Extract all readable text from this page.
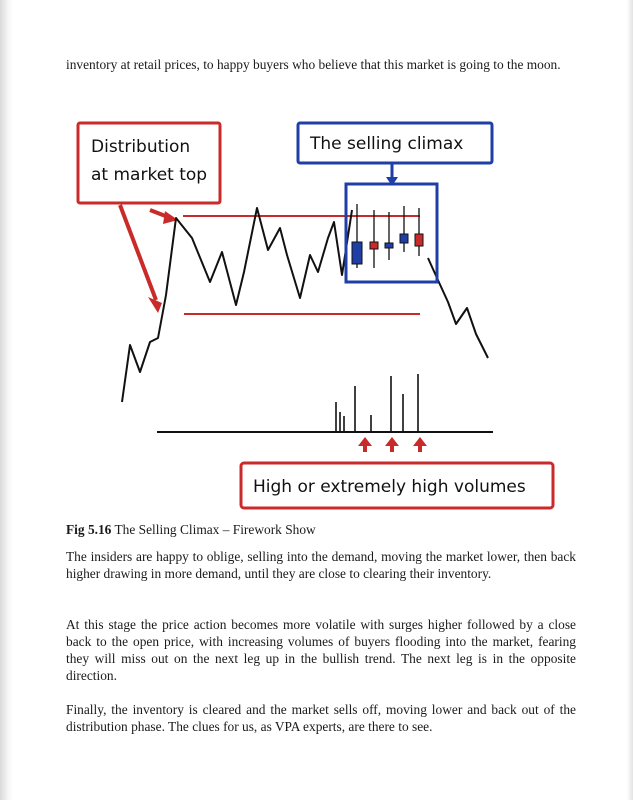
inventory at retail prices, to happy buyers who believe that this market is going to the moon.

Distribution
at market top
The selling climax
High or extremely high volumes

Fig 5.16 The Selling Climax – Firework Show

The insiders are happy to oblige, selling into the demand, moving the market lower, then back higher drawing in more demand, until they are close to clearing their inventory.

At this stage the price action becomes more volatile with surges higher followed by a close back to the open price, with increasing volumes of buyers flooding into the market, fearing they will miss out on the next leg up in the bullish trend. The next leg is in the opposite direction.

Finally, the inventory is cleared and the market sells off, moving lower and back out of the distribution phase. The clues for us, as VPA experts, are there to see.
